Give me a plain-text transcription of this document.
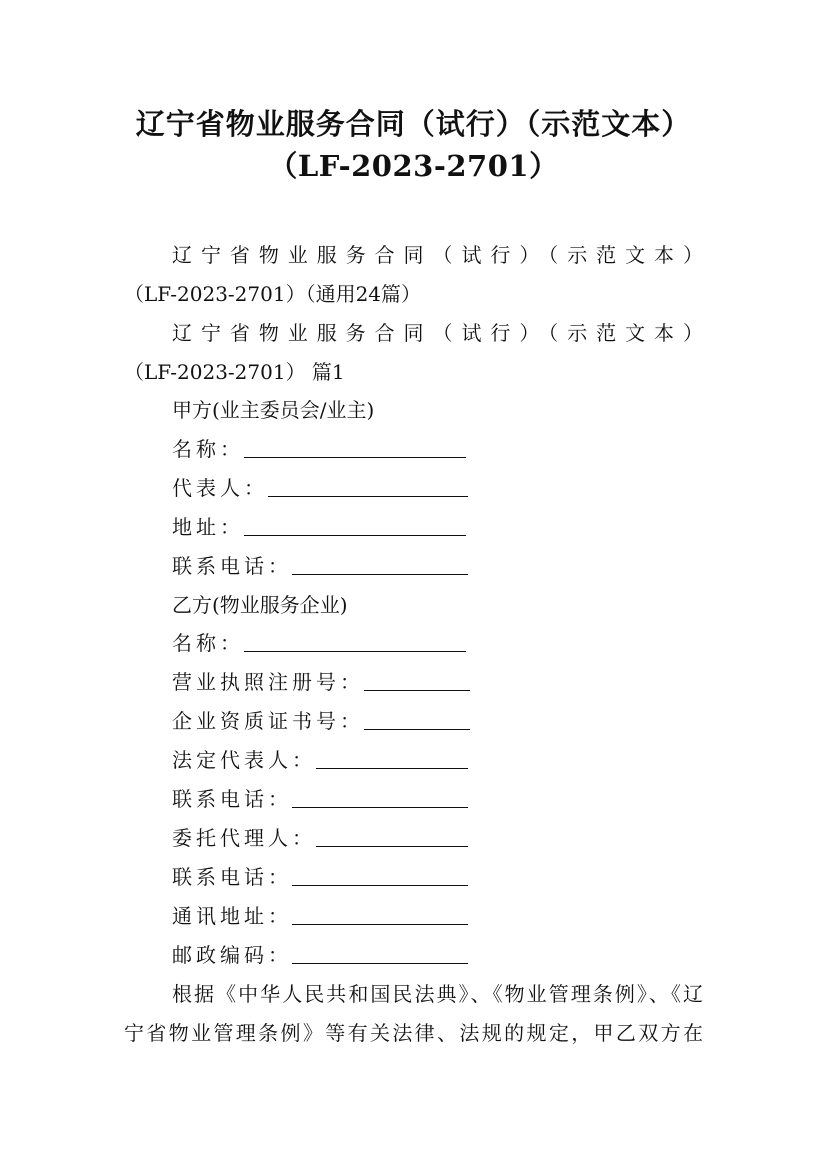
辽宁省物业服务合同（试行）（示范文本）
（LF-2023-2701）
辽宁省物业服务合同（试行）（示范文本）
（LF-2023-2701）（通用24篇）
辽宁省物业服务合同（试行）（示范文本）
（LF-2023-2701） 篇1
甲方(业主委员会/业主)
名称：
代表人：
地址：
联系电话：
乙方(物业服务企业)
名称：
营业执照注册号：
企业资质证书号：
法定代表人：
联系电话：
委托代理人：
联系电话：
通讯地址：
邮政编码：
根据《中华人民共和国民法典》、《物业管理条例》、《辽
宁省物业管理条例》等有关法律、法规的规定，甲乙双方在
